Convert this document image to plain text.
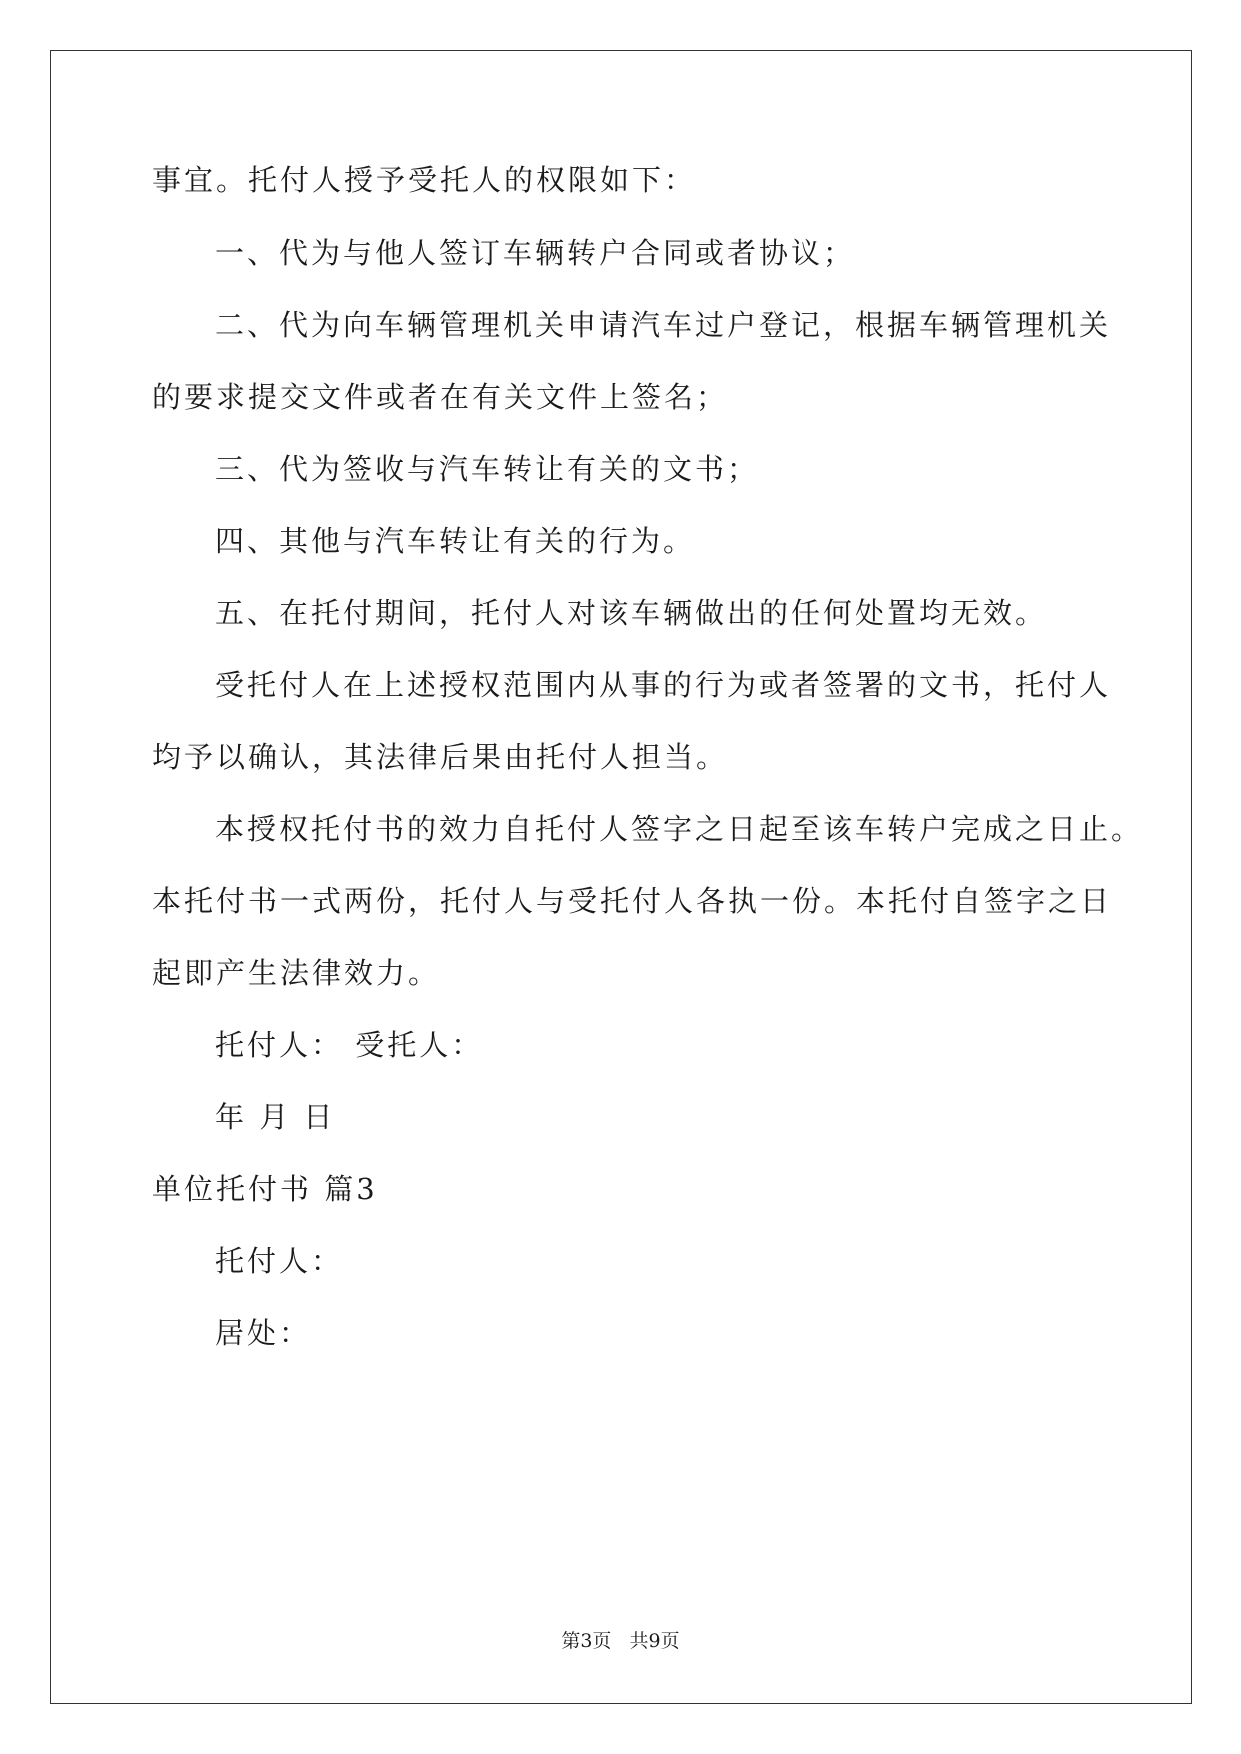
事宜。托付人授予受托人的权限如下：
一、代为与他人签订车辆转户合同或者协议；
二、代为向车辆管理机关申请汽车过户登记，根据车辆管理机关
的要求提交文件或者在有关文件上签名；
三、代为签收与汽车转让有关的文书；
四、其他与汽车转让有关的行为。
五、在托付期间，托付人对该车辆做出的任何处置均无效。
受托付人在上述授权范围内从事的行为或者签署的文书，托付人
均予以确认，其法律后果由托付人担当。
本授权托付书的效力自托付人签字之日起至该车转户完成之日止。
本托付书一式两份，托付人与受托付人各执一份。本托付自签字之日
起即产生法律效力。
托付人： 受托人：
年 月 日
单位托付书 篇3
托付人：
居处：
第3页   共9页
